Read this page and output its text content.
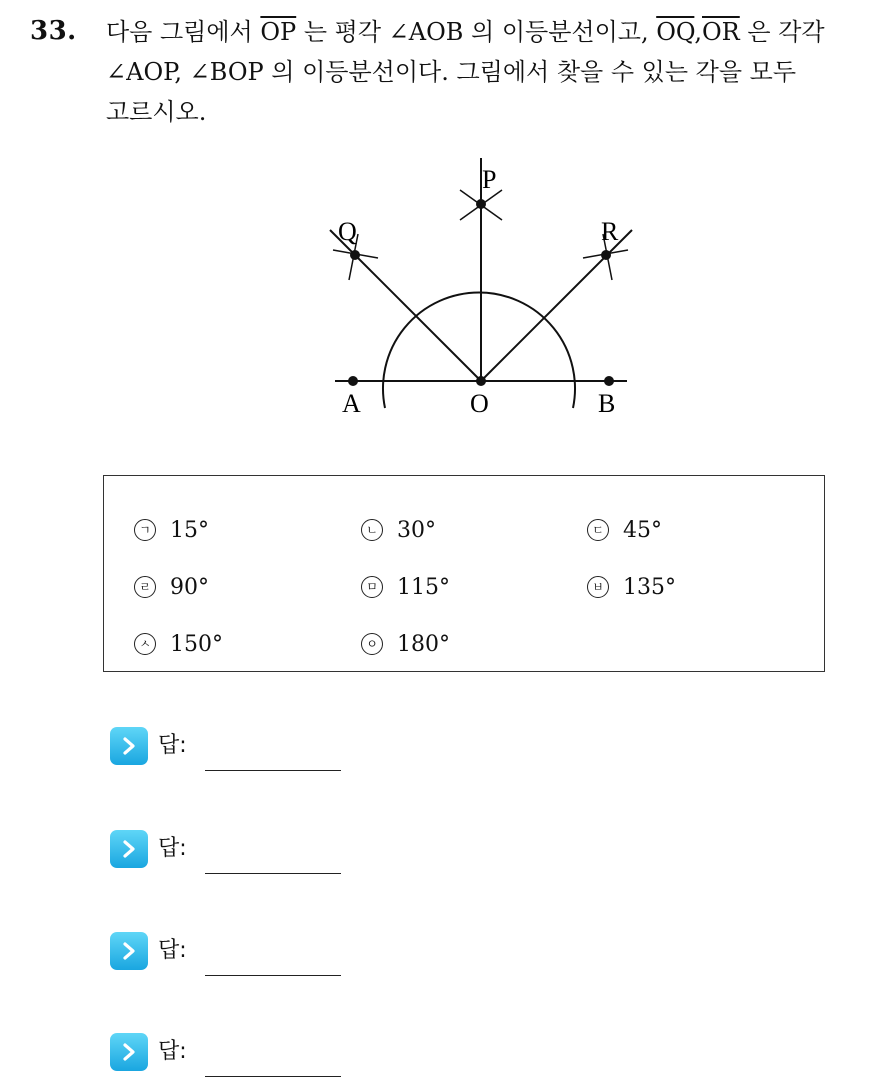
33. 다음 그림에서 $\overline{OP}$ 는 평각 ∠AOB 의 이등분선이고, $\overline{OQ},\overline{OR}$ 은 각각

∠AOP, ∠BOP 의 이등분선이다. 그림에서 찾을 수 있는 각을 모두

고르시오.

P
Q	R
A	O	B
ㄱ 15°	ㄴ 30°	ㄷ 45°
ㄹ 90°	ㅁ 115°	ㅂ 135°
ㅅ 150°	ㅇ 180°
답:
답:
답:
답:
